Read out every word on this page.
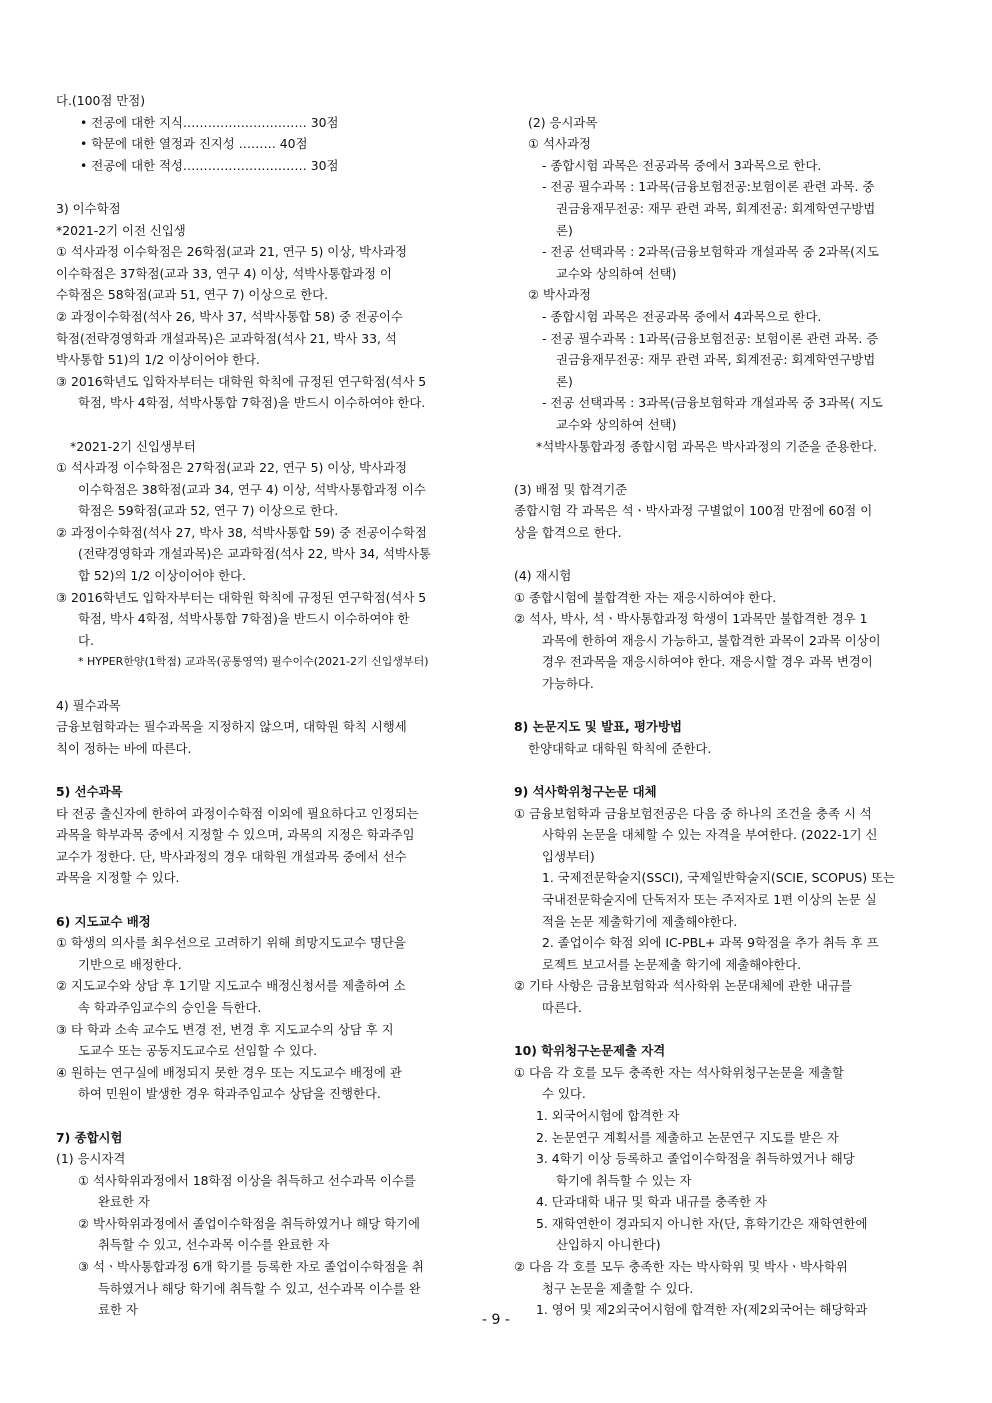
다.(100점 만점)
• 전공에 대한 지식………………………… 30점
• 학문에 대한 열정과 진지성 ……… 40점
• 전공에 대한 적성………………………… 30점
3) 이수학점
*2021-2기 이전 신입생
① 석사과정 이수학점은 26학점(교과 21, 연구 5) 이상, 박사과정
이수학점은 37학점(교과 33, 연구 4) 이상, 석박사통합과정 이
수학점은 58학점(교과 51, 연구 7) 이상으로 한다.
② 과정이수학점(석사 26, 박사 37, 석박사통합 58) 중 전공이수
학점(전략경영학과 개설과목)은 교과학점(석사 21, 박사 33, 석
박사통합 51)의 1/2 이상이어야 한다.
③ 2016학년도 입학자부터는 대학원 학칙에 규정된 연구학점(석사 5
학점, 박사 4학점, 석박사통합 7학점)을 반드시 이수하여야 한다.
*2021-2기 신입생부터
① 석사과정 이수학점은 27학점(교과 22, 연구 5) 이상, 박사과정
이수학점은 38학점(교과 34, 연구 4) 이상, 석박사통합과정 이수
학점은 59학점(교과 52, 연구 7) 이상으로 한다.
② 과정이수학점(석사 27, 박사 38, 석박사통합 59) 중 전공이수학점
(전략경영학과 개설과목)은 교과학점(석사 22, 박사 34, 석박사통
합 52)의 1/2 이상이어야 한다.
③ 2016학년도 입학자부터는 대학원 학칙에 규정된 연구학점(석사 5
학점, 박사 4학점, 석박사통합 7학점)을 반드시 이수하여야 한
다.
* HYPER한양(1학점) 교과목(공통영역) 필수이수(2021-2기 신입생부터)
4) 필수과목
금융보험학과는 필수과목을 지정하지 않으며, 대학원 학칙 시행세
칙이 정하는 바에 따른다.
5) 선수과목
타 전공 출신자에 한하여 과정이수학점 이외에 필요하다고 인정되는
과목을 학부과목 중에서 지정할 수 있으며, 과목의 지정은 학과주임
교수가 정한다. 단, 박사과정의 경우 대학원 개설과목 중에서 선수
과목을 지정할 수 있다.
6) 지도교수 배정
① 학생의 의사를 최우선으로 고려하기 위해 희망지도교수 명단을
기반으로 배정한다.
② 지도교수와 상담 후 1기말 지도교수 배정신청서를 제출하여 소
속 학과주임교수의 승인을 득한다.
③ 타 학과 소속 교수도 변경 전, 변경 후 지도교수의 상담 후 지
도교수 또는 공동지도교수로 선임할 수 있다.
④ 원하는 연구실에 배정되지 못한 경우 또는 지도교수 배정에 관
하여 민원이 발생한 경우 학과주임교수 상담을 진행한다.
7) 종합시험
(1) 응시자격
① 석사학위과정에서 18학점 이상을 취득하고 선수과목 이수를
완료한 자
② 박사학위과정에서 졸업이수학점을 취득하였거나 해당 학기에
취득할 수 있고, 선수과목 이수를 완료한 자
③ 석ㆍ박사통합과정 6개 학기를 등록한 자로 졸업이수학점을 취
득하였거나 해당 학기에 취득할 수 있고, 선수과목 이수를 완
료한 자
(2) 응시과목
① 석사과정
- 종합시험 과목은 전공과목 중에서 3과목으로 한다.
- 전공 필수과목 : 1과목(금융보험전공:보험이론 관련 과목. 중
권금융재무전공: 재무 관련 과목, 회계전공: 회계학연구방법
론)
- 전공 선택과목 : 2과목(금융보험학과 개설과목 중 2과목(지도
교수와 상의하여 선택)
② 박사과정
- 종합시험 과목은 전공과목 중에서 4과목으로 한다.
- 전공 필수과목 : 1과목(금융보험전공: 보험이론 관련 과목. 증
권금융재무전공: 재무 관련 과목, 회계전공: 회계학연구방법
론)
- 전공 선택과목 : 3과목(금융보험학과 개설과목 중 3과목( 지도
교수와 상의하여 선택)
*석박사통합과정 종합시험 과목은 박사과정의 기준을 준용한다.
(3) 배점 및 합격기준
종합시험 각 과목은 석ㆍ박사과정 구별없이 100점 만점에 60점 이
상을 합격으로 한다.
(4) 재시험
① 종합시험에 불합격한 자는 재응시하여야 한다.
② 석사, 박사, 석ㆍ박사통합과정 학생이 1과목만 불합격한 경우 1
과목에 한하여 재응시 가능하고, 불합격한 과목이 2과목 이상이
경우 전과목을 재응시하여야 한다. 재응시할 경우 과목 변경이
가능하다.
8) 논문지도 및 발표, 평가방법
한양대학교 대학원 학칙에 준한다.
9) 석사학위청구논문 대체
① 금융보험학과 금융보험전공은 다음 중 하나의 조건을 충족 시 석
사학위 논문을 대체할 수 있는 자격을 부여한다. (2022-1기 신
입생부터)
1. 국제전문학술지(SSCI), 국제일반학술지(SCIE, SCOPUS) 또는
국내전문학술지에 단독저자 또는 주저자로 1편 이상의 논문 실
적을 논문 제출학기에 제출해야한다.
2. 졸업이수 학점 외에 IC-PBL+ 과목 9학점을 추가 취득 후 프
로젝트 보고서를 논문제출 학기에 제출해야한다.
② 기타 사항은 금융보험학과 석사학위 논문대체에 관한 내규를
따른다.
10) 학위청구논문제출 자격
① 다음 각 호를 모두 충족한 자는 석사학위청구논문을 제출할
수 있다.
1. 외국어시험에 합격한 자
2. 논문연구 계획서를 제출하고 논문연구 지도를 받은 자
3. 4학기 이상 등록하고 졸업이수학점을 취득하였거나 해당
학기에 취득할 수 있는 자
4. 단과대학 내규 및 학과 내규를 충족한 자
5. 재학연한이 경과되지 아니한 자(단, 휴학기간은 재학연한에
산입하지 아니한다)
② 다음 각 호를 모두 충족한 자는 박사학위 및 박사ㆍ박사학위
청구 논문을 제출할 수 있다.
1. 영어 및 제2외국어시험에 합격한 자(제2외국어는 해당학과
- 9 -
